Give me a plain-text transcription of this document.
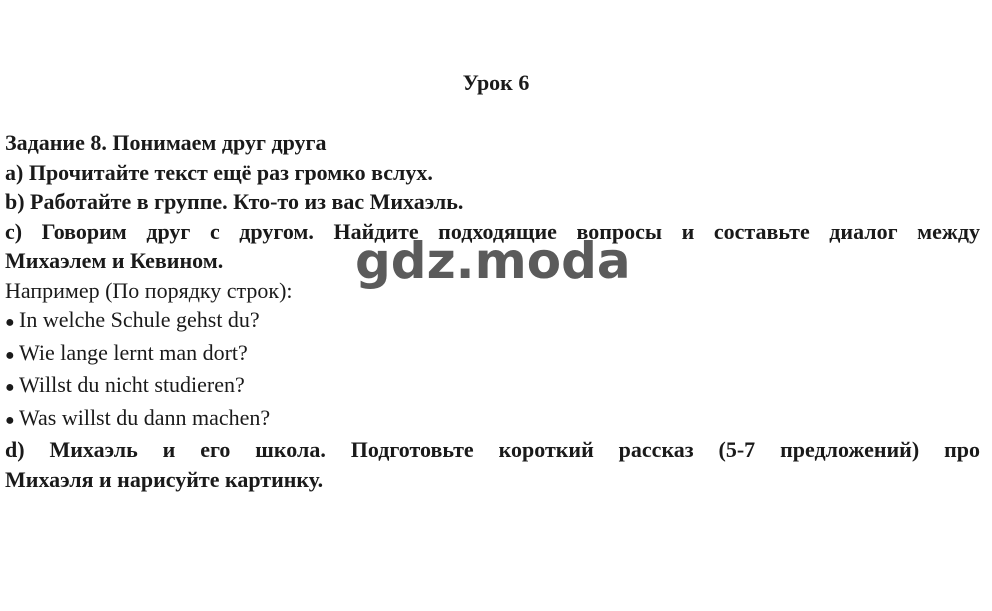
Урок 6
Задание 8. Понимаем друг друга
а) Прочитайте текст ещё раз громко вслух.
b) Работайте в группе. Кто-то из вас Михаэль.
с) Говорим друг с другом. Найдите подходящие вопросы и составьте диалог между
Михаэлем и Кевином.
Например (По порядку строк):
● In welche Schule gehst du?
● Wie lange lernt man dort?
● Willst du nicht studieren?
● Was willst du dann machen?
d) Михаэль и его школа. Подготовьте короткий рассказ (5-7 предложений) про
Михаэля и нарисуйте картинку.
gdz.moda
